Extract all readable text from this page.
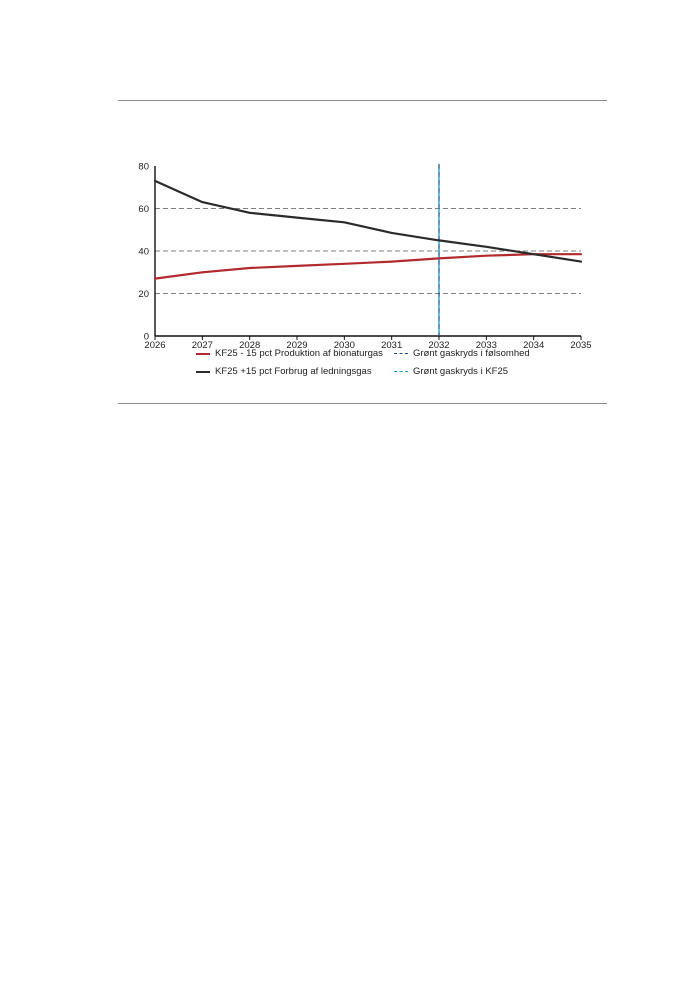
0
20
40
60
80
2026	2027	2028	2029	2030	2031	2032	2033	2034	2035
KF25 - 15 pct Produktion af bionaturgas	Grønt gaskryds i følsomhed
KF25 +15 pct Forbrug af ledningsgas	Grønt gaskryds i KF25
